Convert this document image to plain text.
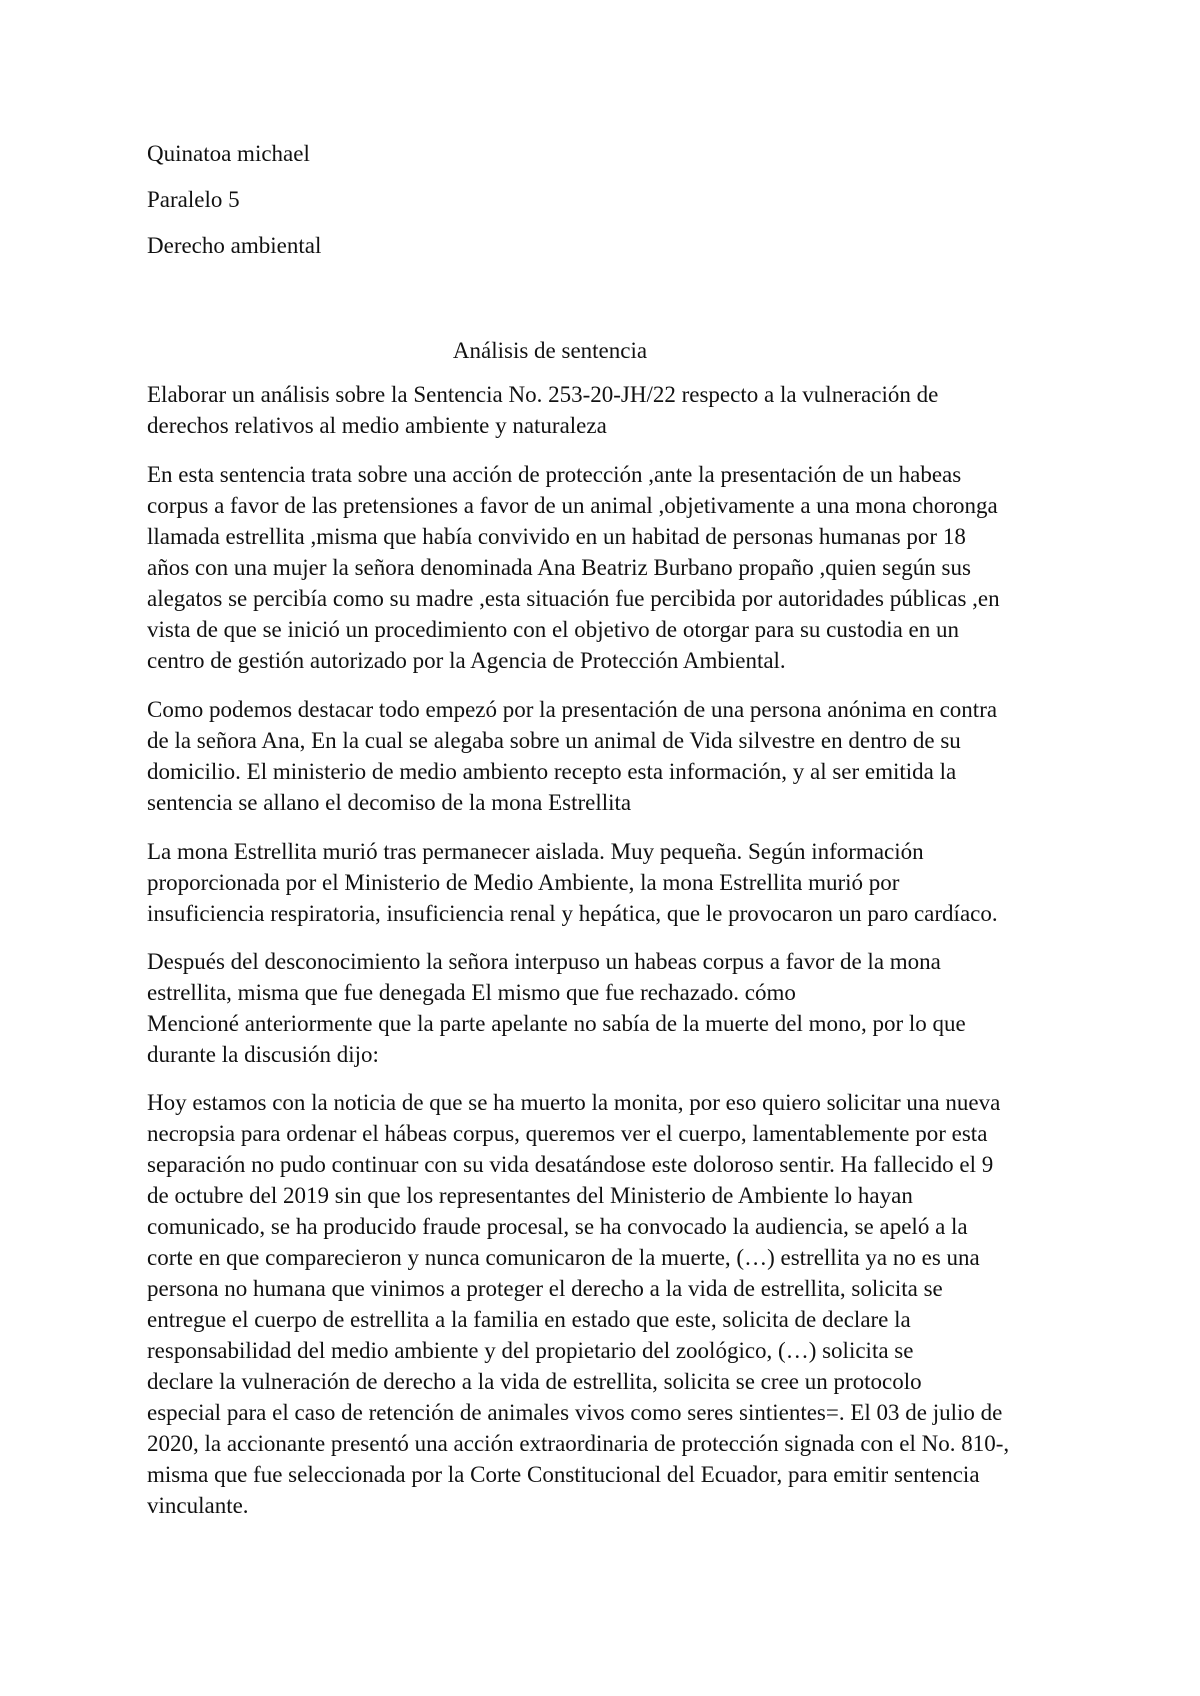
Quinatoa michael
Paralelo 5
Derecho ambiental
Análisis de sentencia
Elaborar un análisis sobre la Sentencia No. 253-20-JH/22 respecto a la vulneración de
derechos relativos al medio ambiente y naturaleza
En esta sentencia trata sobre una acción de protección ,ante la presentación de un habeas
corpus a favor de las pretensiones a favor de un animal ,objetivamente a una mona choronga
llamada estrellita ,misma que había convivido en un habitad de personas humanas por 18
años con una mujer la señora denominada Ana Beatriz Burbano propaño ,quien según sus
alegatos se percibía como su madre ,esta situación fue percibida por autoridades públicas ,en
vista de que se inició un procedimiento con el objetivo de otorgar para su custodia en un
centro de gestión autorizado por la Agencia de Protección Ambiental.
Como podemos destacar todo empezó por la presentación de una persona anónima en contra
de la señora Ana, En la cual se alegaba sobre un animal de Vida silvestre en dentro de su
domicilio. El ministerio de medio ambiento recepto esta información, y al ser emitida la
sentencia se allano el decomiso de la mona Estrellita
La mona Estrellita murió tras permanecer aislada. Muy pequeña. Según información
proporcionada por el Ministerio de Medio Ambiente, la mona Estrellita murió por
insuficiencia respiratoria, insuficiencia renal y hepática, que le provocaron un paro cardíaco.
Después del desconocimiento la señora interpuso un habeas corpus a favor de la mona
estrellita, misma que fue denegada El mismo que fue rechazado. cómo
Mencioné anteriormente que la parte apelante no sabía de la muerte del mono, por lo que
durante la discusión dijo:
Hoy estamos con la noticia de que se ha muerto la monita, por eso quiero solicitar una nueva
necropsia para ordenar el hábeas corpus, queremos ver el cuerpo, lamentablemente por esta
separación no pudo continuar con su vida desatándose este doloroso sentir. Ha fallecido el 9
de octubre del 2019 sin que los representantes del Ministerio de Ambiente lo hayan
comunicado, se ha producido fraude procesal, se ha convocado la audiencia, se apeló a la
corte en que comparecieron y nunca comunicaron de la muerte, (…) estrellita ya no es una
persona no humana que vinimos a proteger el derecho a la vida de estrellita, solicita se
entregue el cuerpo de estrellita a la familia en estado que este, solicita de declare la
responsabilidad del medio ambiente y del propietario del zoológico, (…) solicita se
declare la vulneración de derecho a la vida de estrellita, solicita se cree un protocolo
especial para el caso de retención de animales vivos como seres sintientes=. El 03 de julio de
2020, la accionante presentó una acción extraordinaria de protección signada con el No. 810-,
misma que fue seleccionada por la Corte Constitucional del Ecuador, para emitir sentencia
vinculante.
